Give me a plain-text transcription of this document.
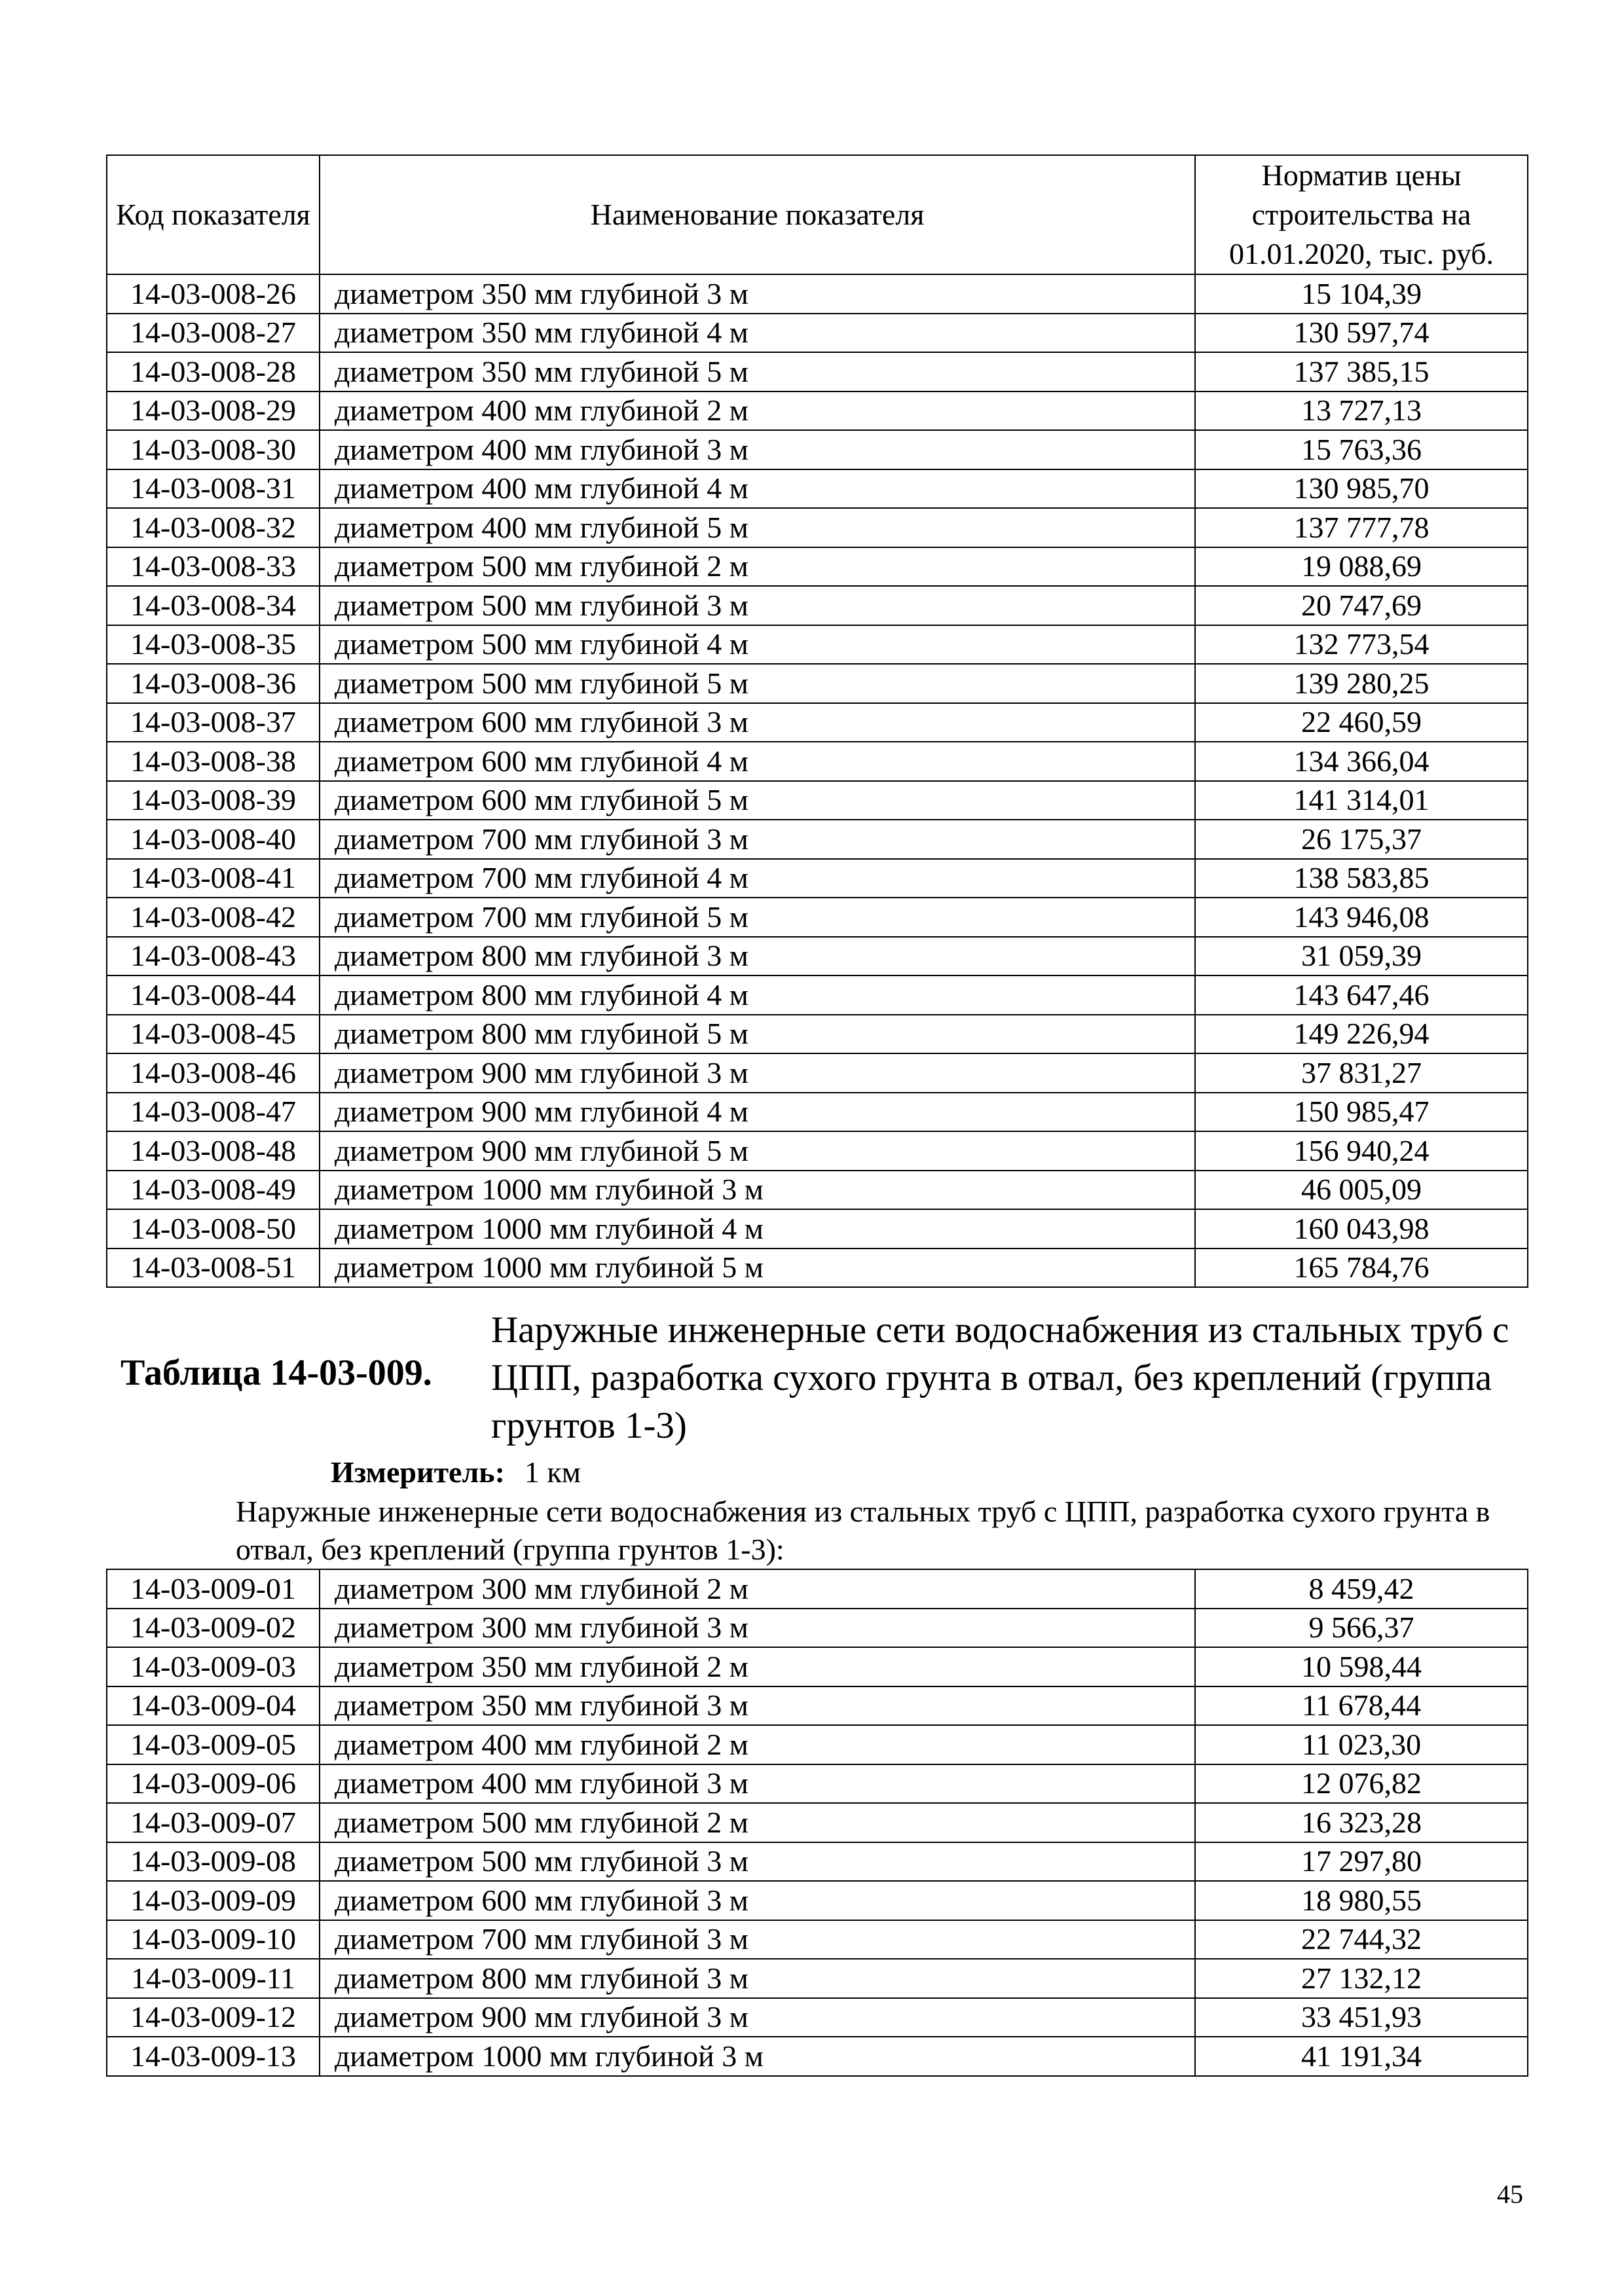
Код показателя	Наименование показателя	Норматив цены строительства на 01.01.2020, тыс. руб.
14-03-008-26	диаметром 350 мм глубиной 3 м	15 104,39
14-03-008-27	диаметром 350 мм глубиной 4 м	130 597,74
14-03-008-28	диаметром 350 мм глубиной 5 м	137 385,15
14-03-008-29	диаметром 400 мм глубиной 2 м	13 727,13
14-03-008-30	диаметром 400 мм глубиной 3 м	15 763,36
14-03-008-31	диаметром 400 мм глубиной 4 м	130 985,70
14-03-008-32	диаметром 400 мм глубиной 5 м	137 777,78
14-03-008-33	диаметром 500 мм глубиной 2 м	19 088,69
14-03-008-34	диаметром 500 мм глубиной 3 м	20 747,69
14-03-008-35	диаметром 500 мм глубиной 4 м	132 773,54
14-03-008-36	диаметром 500 мм глубиной 5 м	139 280,25
14-03-008-37	диаметром 600 мм глубиной 3 м	22 460,59
14-03-008-38	диаметром 600 мм глубиной 4 м	134 366,04
14-03-008-39	диаметром 600 мм глубиной 5 м	141 314,01
14-03-008-40	диаметром 700 мм глубиной 3 м	26 175,37
14-03-008-41	диаметром 700 мм глубиной 4 м	138 583,85
14-03-008-42	диаметром 700 мм глубиной 5 м	143 946,08
14-03-008-43	диаметром 800 мм глубиной 3 м	31 059,39
14-03-008-44	диаметром 800 мм глубиной 4 м	143 647,46
14-03-008-45	диаметром 800 мм глубиной 5 м	149 226,94
14-03-008-46	диаметром 900 мм глубиной 3 м	37 831,27
14-03-008-47	диаметром 900 мм глубиной 4 м	150 985,47
14-03-008-48	диаметром 900 мм глубиной 5 м	156 940,24
14-03-008-49	диаметром 1000 мм глубиной 3 м	46 005,09
14-03-008-50	диаметром 1000 мм глубиной 4 м	160 043,98
14-03-008-51	диаметром 1000 мм глубиной 5 м	165 784,76
Таблица 14-03-009.
Наружные инженерные сети водоснабжения из стальных труб с ЦПП, разработка сухого грунта в отвал, без креплений (группа грунтов 1-3)
Измеритель: 1 км
Наружные инженерные сети водоснабжения из стальных труб с ЦПП, разработка сухого грунта в отвал, без креплений (группа грунтов 1-3):
14-03-009-01	диаметром 300 мм глубиной 2 м	8 459,42
14-03-009-02	диаметром 300 мм глубиной 3 м	9 566,37
14-03-009-03	диаметром 350 мм глубиной 2 м	10 598,44
14-03-009-04	диаметром 350 мм глубиной 3 м	11 678,44
14-03-009-05	диаметром 400 мм глубиной 2 м	11 023,30
14-03-009-06	диаметром 400 мм глубиной 3 м	12 076,82
14-03-009-07	диаметром 500 мм глубиной 2 м	16 323,28
14-03-009-08	диаметром 500 мм глубиной 3 м	17 297,80
14-03-009-09	диаметром 600 мм глубиной 3 м	18 980,55
14-03-009-10	диаметром 700 мм глубиной 3 м	22 744,32
14-03-009-11	диаметром 800 мм глубиной 3 м	27 132,12
14-03-009-12	диаметром 900 мм глубиной 3 м	33 451,93
14-03-009-13	диаметром 1000 мм глубиной 3 м	41 191,34
45
